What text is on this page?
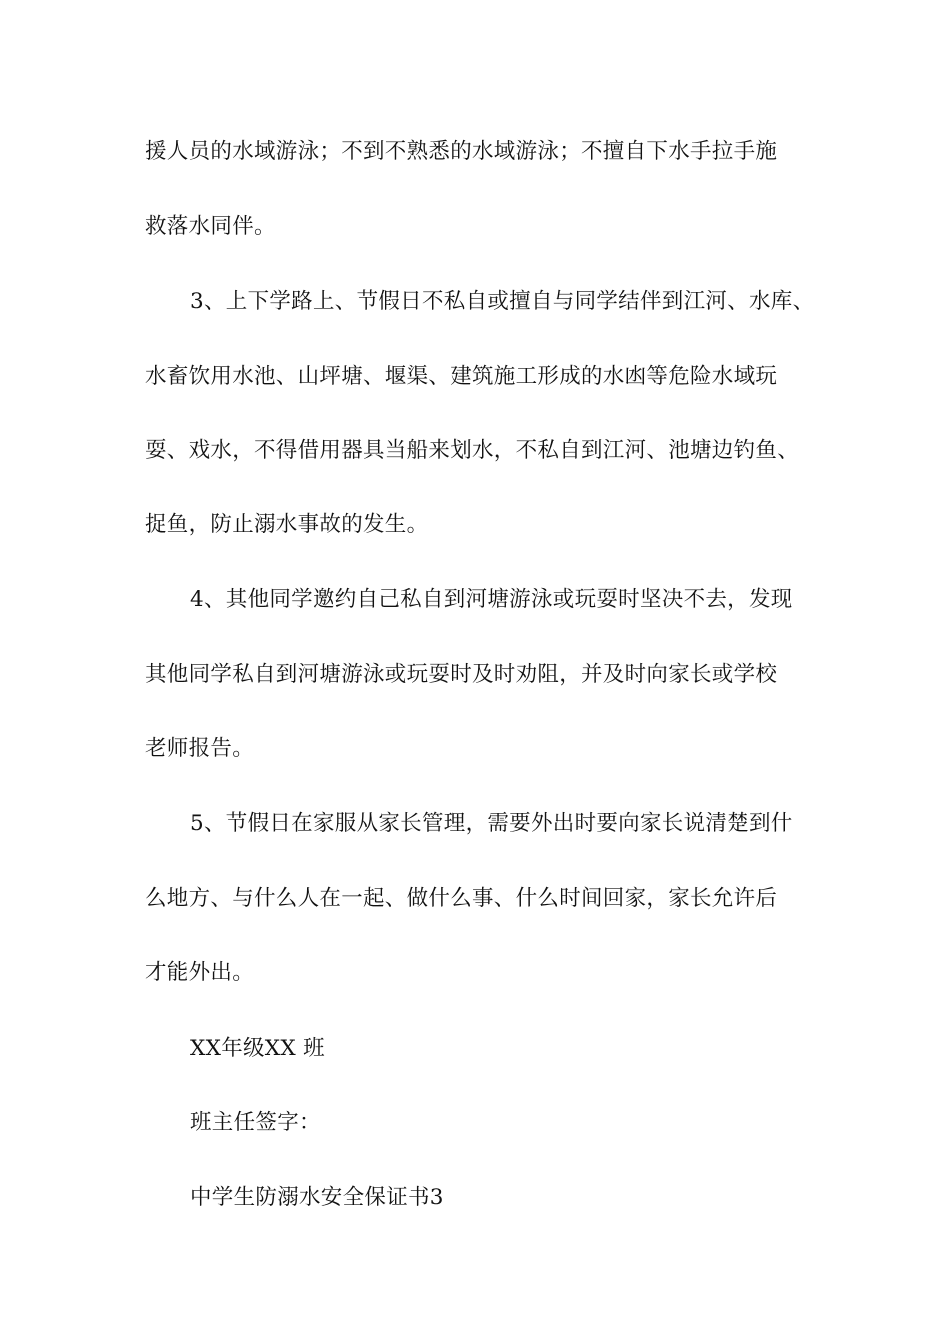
援人员的水域游泳；不到不熟悉的水域游泳；不擅自下水手拉手施
救落水同伴。
3、上下学路上、节假日不私自或擅自与同学结伴到江河、水库、
水畜饮用水池、山坪塘、堰渠、建筑施工形成的水凼等危险水域玩
耍、戏水，不得借用器具当船来划水，不私自到江河、池塘边钓鱼、
捉鱼，防止溺水事故的发生。
4、其他同学邀约自己私自到河塘游泳或玩耍时坚决不去，发现
其他同学私自到河塘游泳或玩耍时及时劝阻，并及时向家长或学校
老师报告。
5、节假日在家服从家长管理，需要外出时要向家长说清楚到什
么地方、与什么人在一起、做什么事、什么时间回家，家长允许后
才能外出。
XX年级XX 班
班主任签字：
中学生防溺水安全保证书3
